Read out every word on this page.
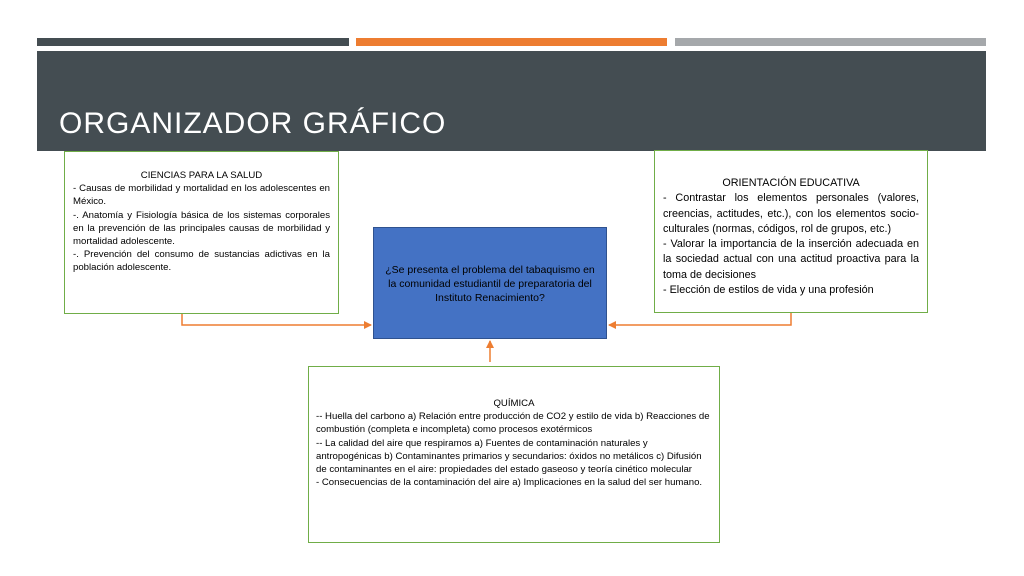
ORGANIZADOR GRÁFICO
CIENCIAS PARA LA SALUD
- Causas de morbilidad y mortalidad en los adolescentes en México.
-. Anatomía y Fisiología básica de los sistemas corporales en la prevención de las principales causas de morbilidad y mortalidad adolescente.
-. Prevención del consumo de sustancias adictivas en la población adolescente.
ORIENTACIÓN EDUCATIVA
- Contrastar los elementos personales (valores, creencias, actitudes, etc.), con los elementos socio-culturales (normas, códigos, rol de grupos, etc.)
- Valorar la importancia de la inserción adecuada en la sociedad actual con una actitud proactiva para la toma de decisiones
- Elección de estilos de vida y una profesión
¿Se presenta el problema del tabaquismo en la comunidad estudiantil de preparatoria del Instituto Renacimiento?
QUÍMICA
-- Huella del carbono a) Relación entre producción de CO2 y estilo de vida b) Reacciones de combustión (completa e incompleta) como procesos exotérmicos
-- La calidad del aire que respiramos a) Fuentes de contaminación naturales y antropogénicas b) Contaminantes primarios y secundarios: óxidos no metálicos c) Difusión de contaminantes en el aire: propiedades del estado gaseoso y teoría cinético molecular
- Consecuencias de la contaminación del aire a) Implicaciones en la salud del ser humano.
